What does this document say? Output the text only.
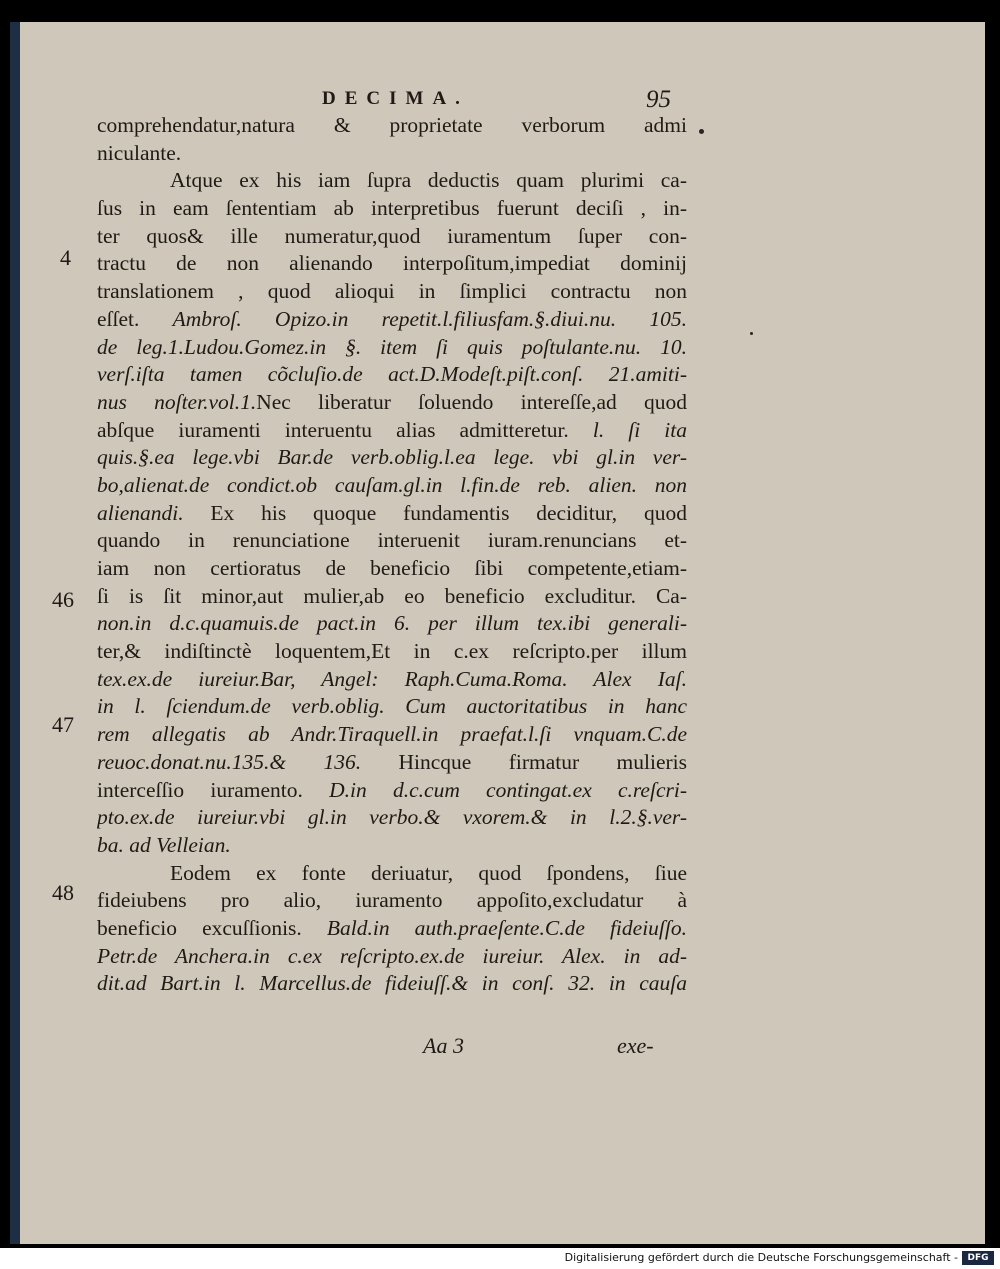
DECIMA.	95
comprehendatur,natura & proprietate verborum admi
niculante.
Atque ex his iam ſupra deductis quam plurimi ca-
ſus in eam ſententiam ab interpretibus fuerunt deciſi , in-
ter quos& ille numeratur,quod iuramentum ſuper con-
tractu de non alienando interpoſitum,impediat dominij
translationem , quod alioqui in ſimplici contractu non
eſſet. Ambroſ. Opizo.in repetit.l.filiusfam.§.diui.nu. 105.
de leg.1.Ludou.Gomez.in §. item ſi quis poſtulante.nu. 10.
verſ.iſta tamen cõcluſio.de act.D.Modeſt.piſt.conſ. 21.amiti-
nus noſter.vol.1.Nec liberatur ſoluendo intereſſe,ad quod
abſque iuramenti interuentu alias admitteretur. l. ſi ita
quis.§.ea lege.vbi Bar.de verb.oblig.l.ea lege. vbi gl.in ver-
bo,alienat.de condict.ob cauſam.gl.in l.fin.de reb. alien. non
alienandi. Ex his quoque fundamentis deciditur, quod
quando in renunciatione interuenit iuram.renuncians et-
iam non certioratus de beneficio ſibi competente,etiam-
ſi is ſit minor,aut mulier,ab eo beneficio excluditur. Ca-
non.in d.c.quamuis.de pact.in 6. per illum tex.ibi generali-
ter,& indiſtinctè loquentem,Et in c.ex reſcripto.per illum
tex.ex.de iureiur.Bar, Angel: Raph.Cuma.Roma. Alex Iaſ.
in l. ſciendum.de verb.oblig. Cum auctoritatibus in hanc
rem allegatis ab Andr.Tiraquell.in praefat.l.ſi vnquam.C.de
reuoc.donat.nu.135.& 136. Hincque firmatur mulieris
interceſſio iuramento. D.in d.c.cum contingat.ex c.reſcri-
pto.ex.de iureiur.vbi gl.in verbo.& vxorem.& in l.2.§.ver-
ba. ad Velleian.
Eodem ex fonte deriuatur, quod ſpondens, ſiue
fideiubens pro alio, iuramento appoſito,excludatur à
beneficio excuſſionis. Bald.in auth.praeſente.C.de fideiuſſo.
Petr.de Anchera.in c.ex reſcripto.ex.de iureiur. Alex. in ad-
dit.ad Bart.in l. Marcellus.de fideiuſſ.& in conſ. 32. in cauſa
4
46
47
48
Aa 3	exe-
Digitalisierung gefördert durch die Deutsche Forschungsgemeinschaft -	DFG
